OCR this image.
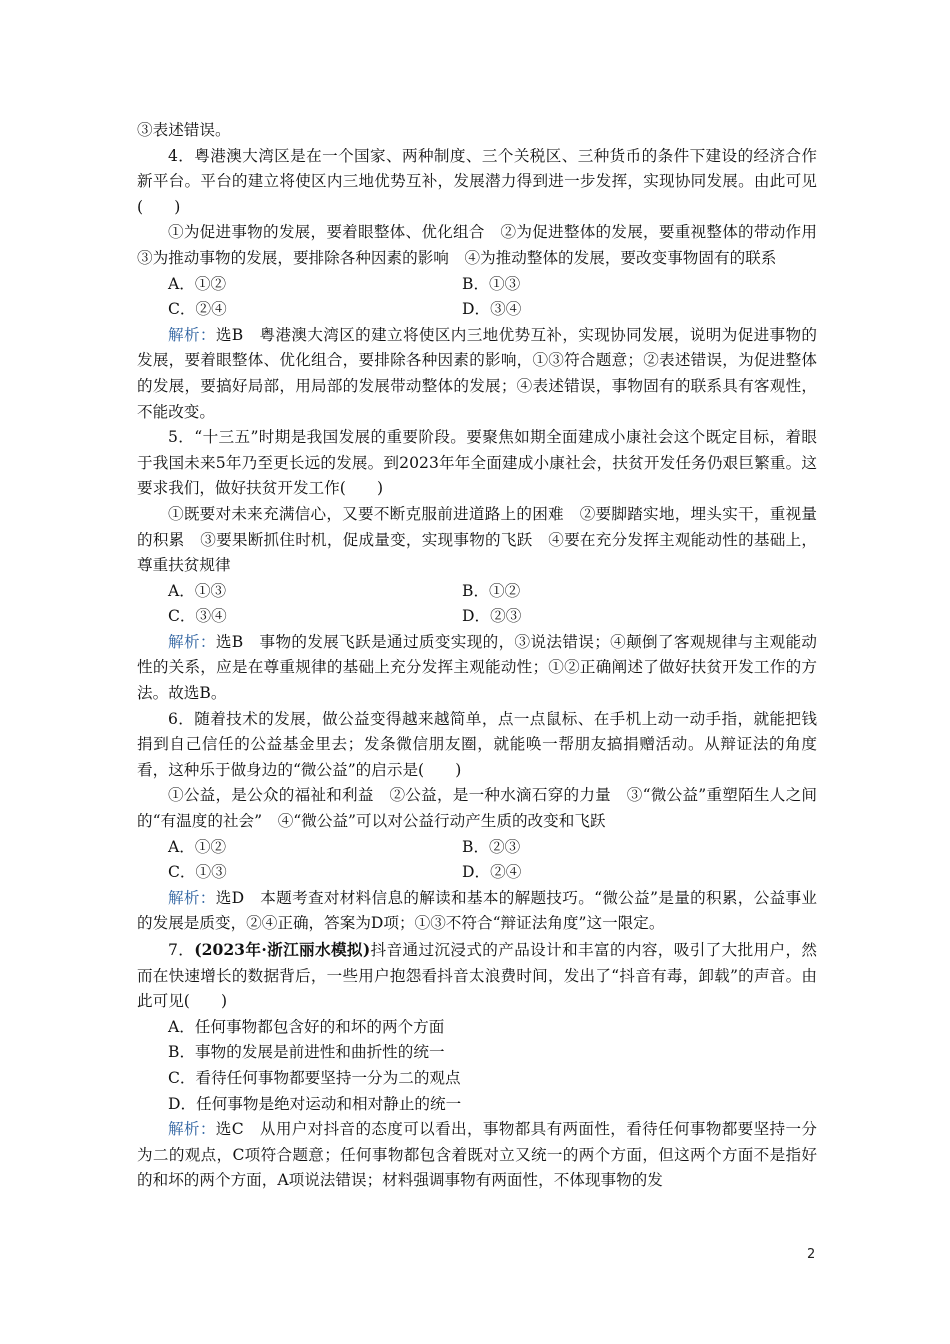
③表述错误。

4．粤港澳大湾区是在一个国家、两种制度、三个关税区、三种货币的条件下建设的经济合作新平台。平台的建立将使区内三地优势互补，发展潜力得到进一步发挥，实现协同发展。由此可见(　　)

①为促进事物的发展，要着眼整体、优化组合　②为促进整体的发展，要重视整体的带动作用　③为推动事物的发展，要排除各种因素的影响　④为推动整体的发展，要改变事物固有的联系

A．①②	B．①③
C．②④	D．③④

解析：选B　粤港澳大湾区的建立将使区内三地优势互补，实现协同发展，说明为促进事物的发展，要着眼整体、优化组合，要排除各种因素的影响，①③符合题意；②表述错误，为促进整体的发展，要搞好局部，用局部的发展带动整体的发展；④表述错误，事物固有的联系具有客观性，不能改变。

5．“十三五”时期是我国发展的重要阶段。要聚焦如期全面建成小康社会这个既定目标，着眼于我国未来5年乃至更长远的发展。到2023年年全面建成小康社会，扶贫开发任务仍艰巨繁重。这要求我们，做好扶贫开发工作(　　)

①既要对未来充满信心，又要不断克服前进道路上的困难　②要脚踏实地，埋头实干，重视量的积累　③要果断抓住时机，促成量变，实现事物的飞跃　④要在充分发挥主观能动性的基础上，尊重扶贫规律

A．①③	B．①②
C．③④	D．②③

解析：选B　事物的发展飞跃是通过质变实现的，③说法错误；④颠倒了客观规律与主观能动性的关系，应是在尊重规律的基础上充分发挥主观能动性；①②正确阐述了做好扶贫开发工作的方法。故选B。

6．随着技术的发展，做公益变得越来越简单，点一点鼠标、在手机上动一动手指，就能把钱捐到自己信任的公益基金里去；发条微信朋友圈，就能唤一帮朋友搞捐赠活动。从辩证法的角度看，这种乐于做身边的“微公益”的启示是(　　)

①公益，是公众的福祉和利益　②公益，是一种水滴石穿的力量　③“微公益”重塑陌生人之间的“有温度的社会”　④“微公益”可以对公益行动产生质的改变和飞跃

A．①②	B．②③
C．①③	D．②④

解析：选D　本题考查对材料信息的解读和基本的解题技巧。“微公益”是量的积累，公益事业的发展是质变，②④正确，答案为D项；①③不符合“辩证法角度”这一限定。

7．(2023年·浙江丽水模拟)抖音通过沉浸式的产品设计和丰富的内容，吸引了大批用户，然而在快速增长的数据背后，一些用户抱怨看抖音太浪费时间，发出了“抖音有毒，卸载”的声音。由此可见(　　)

A．任何事物都包含好的和坏的两个方面

B．事物的发展是前进性和曲折性的统一

C．看待任何事物都要坚持一分为二的观点

D．任何事物是绝对运动和相对静止的统一

解析：选C　从用户对抖音的态度可以看出，事物都具有两面性，看待任何事物都要坚持一分为二的观点，C项符合题意；任何事物都包含着既对立又统一的两个方面，但这两个方面不是指好的和坏的两个方面，A项说法错误；材料强调事物有两面性，不体现事物的发

2
